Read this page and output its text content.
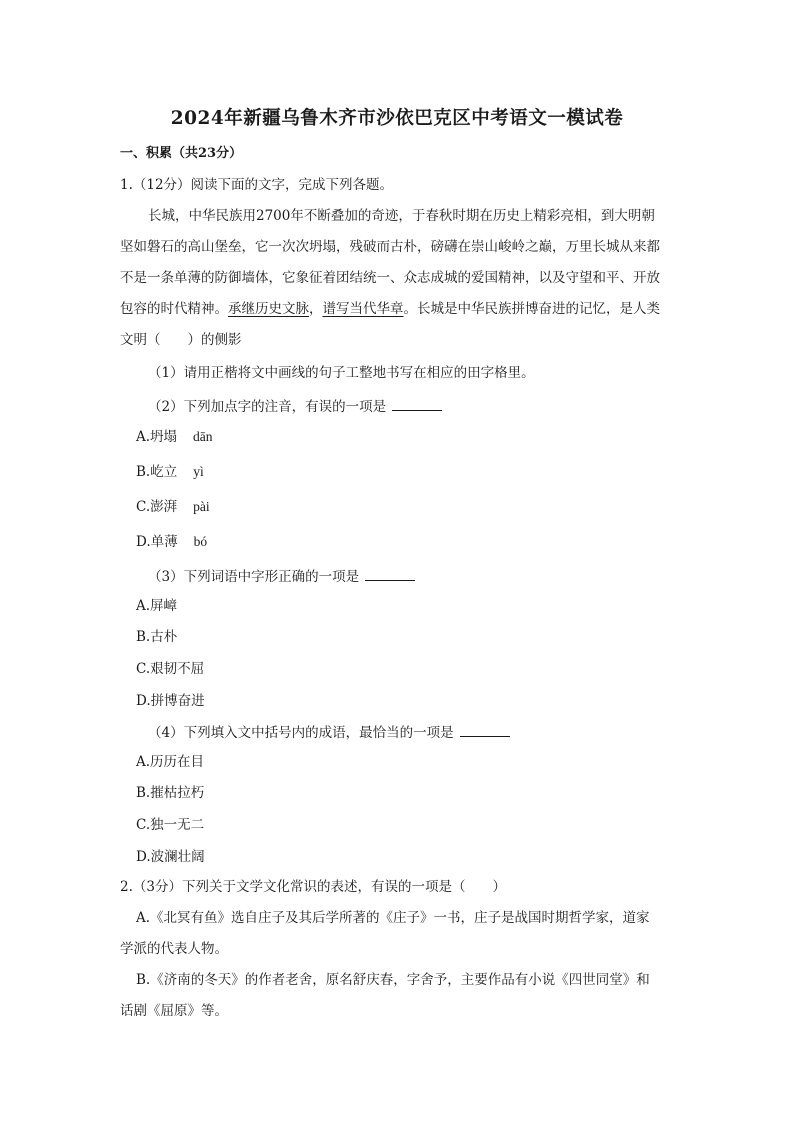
2024年新疆乌鲁木齐市沙依巴克区中考语文一模试卷
一、积累（共23分）
1.（12分）阅读下面的文字，完成下列各题。
长城，中华民族用2700年不断叠加的奇迹，于春秋时期在历史上精彩亮相，到大明朝
坚如磐石的高山堡垒，它一次次坍塌，残破而古朴，磅礴在崇山峻岭之巅，万里长城从来都
不是一条单薄的防御墙体，它象征着团结统一、众志成城的爱国精神，以及守望和平、开放
包容的时代精神。承继历史文脉，谱写当代华章。长城是中华民族拼博奋进的记忆，是人类
文明（　　）的侧影
（1）请用正楷将文中画线的句子工整地书写在相应的田字格里。
（2）下列加点字的注音，有误的一项是
A.坍塌 dān
B.屹立 yì
C.澎湃 pài
D.单薄 bó
（3）下列词语中字形正确的一项是
A.屏嶂
B.古朴
C.艰韧不屈
D.拼博奋进
（4）下列填入文中括号内的成语，最恰当的一项是
A.历历在目
B.摧枯拉朽
C.独一无二
D.波澜壮阔
2.（3分）下列关于文学文化常识的表述，有误的一项是（　　）
A.《北冥有鱼》选自庄子及其后学所著的《庄子》一书，庄子是战国时期哲学家，道家
学派的代表人物。
B.《济南的冬天》的作者老舍，原名舒庆春，字舍予，主要作品有小说《四世同堂》和
话剧《屈原》等。
